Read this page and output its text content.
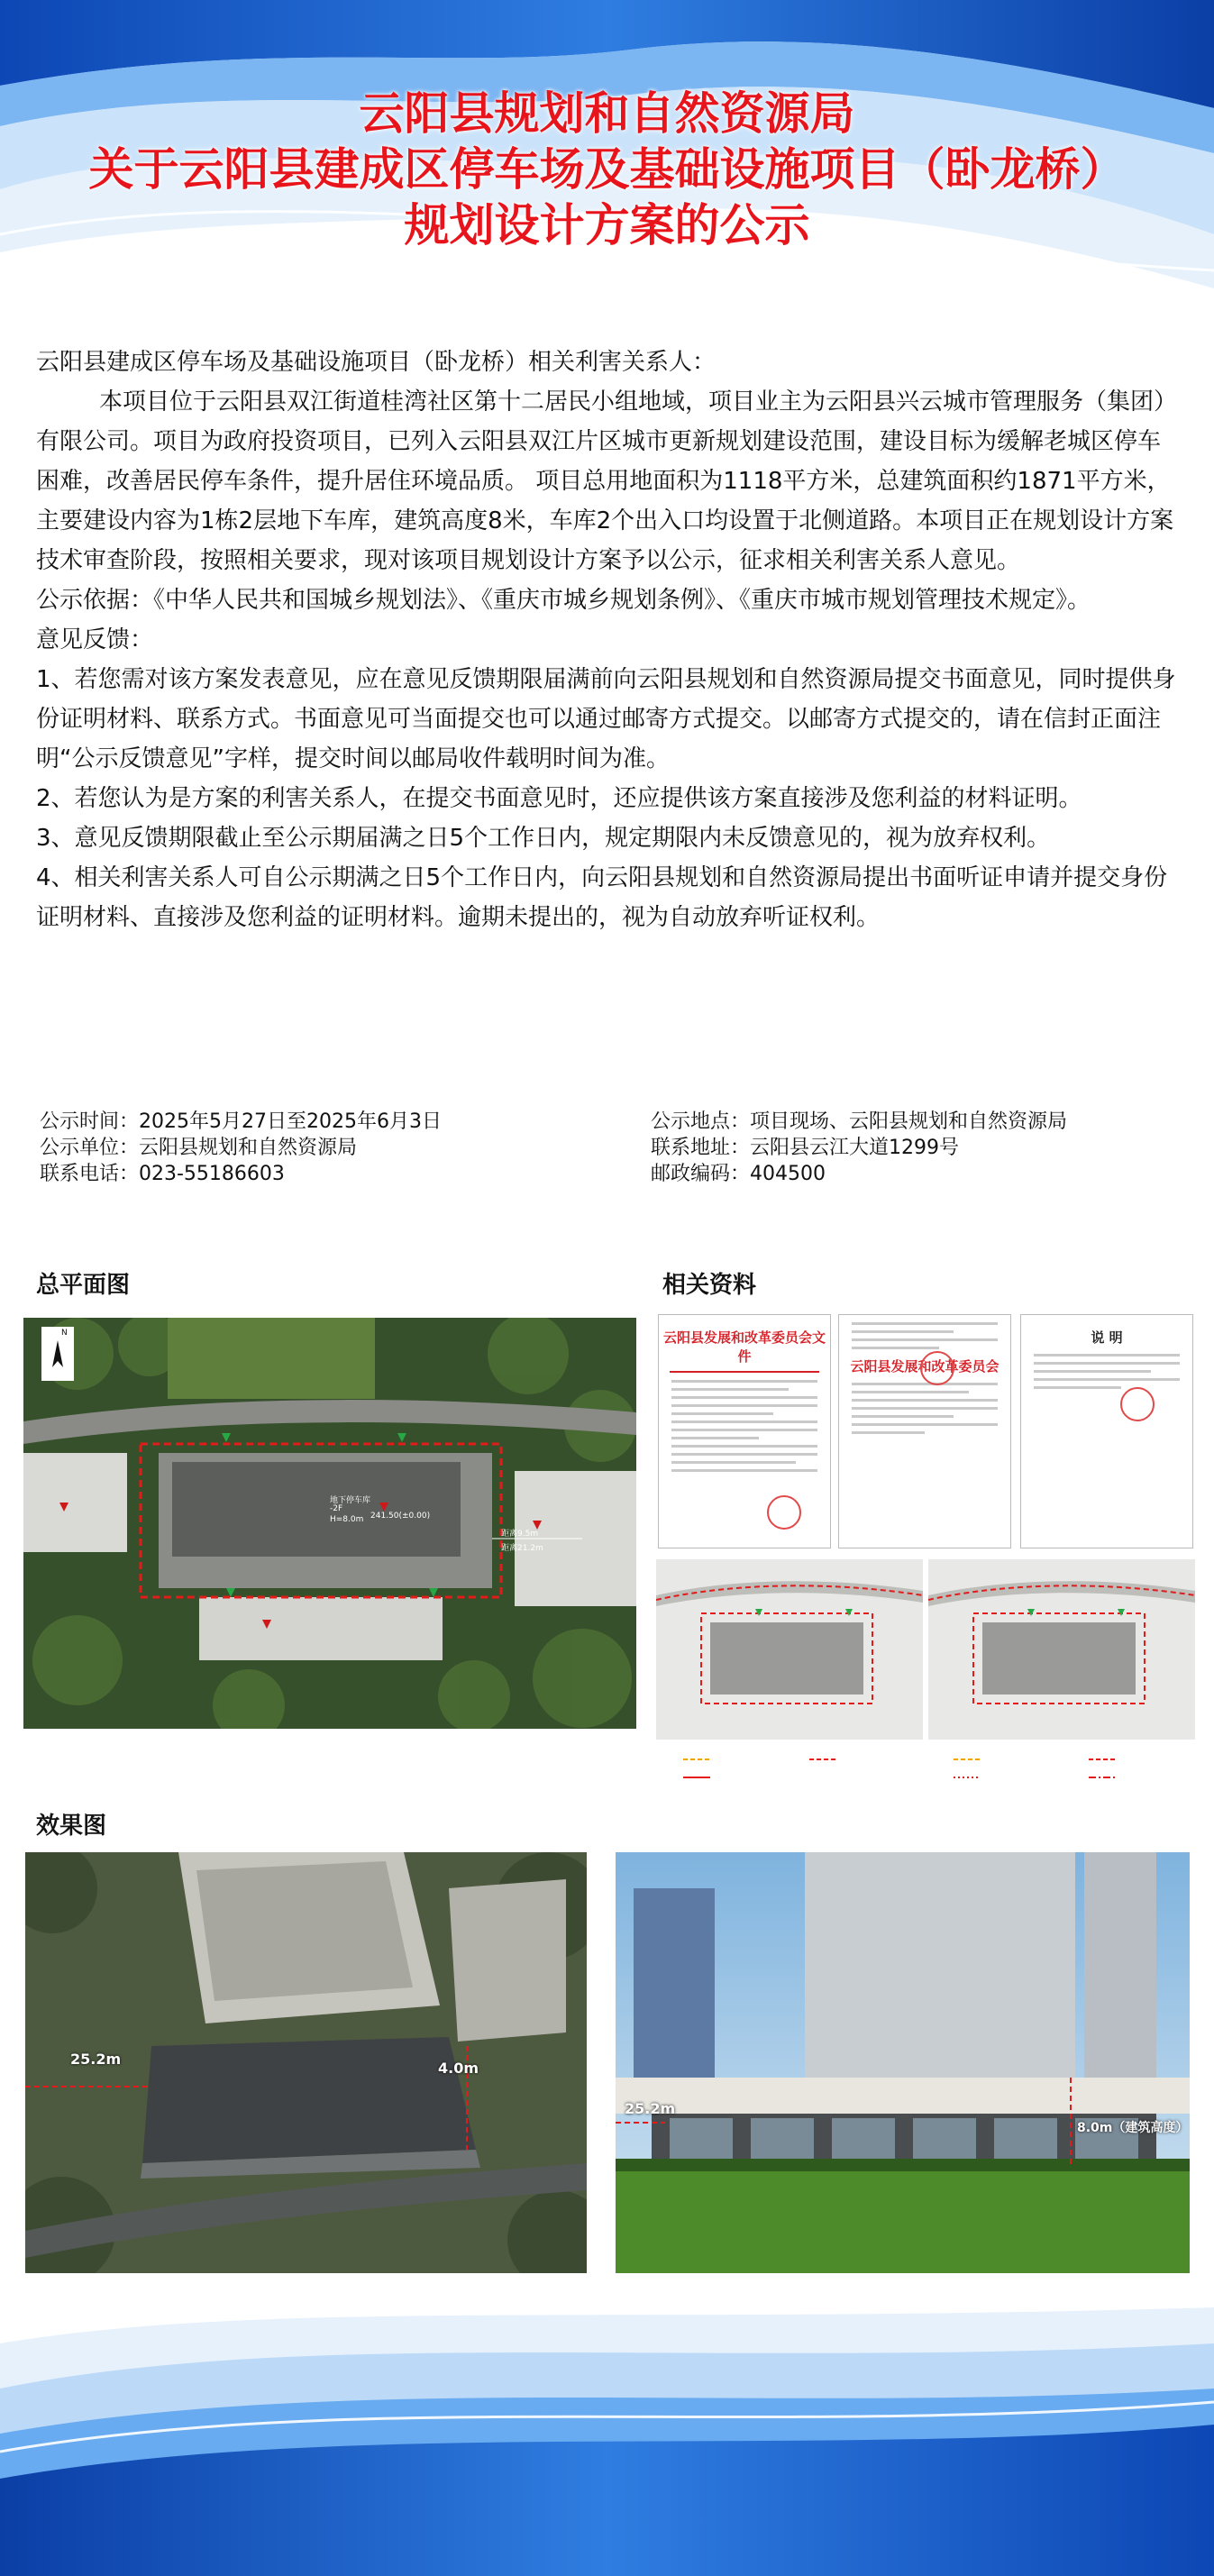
云阳县规划和自然资源局
关于云阳县建成区停车场及基础设施项目（卧龙桥）
规划设计方案的公示

云阳县建成区停车场及基础设施项目（卧龙桥）相关利害关系人：

本项目位于云阳县双江街道桂湾社区第十二居民小组地域，项目业主为云阳县兴云城市管理服务（集团）有限公司。项目为政府投资项目，已列入云阳县双江片区城市更新规划建设范围，建设目标为缓解老城区停车困难，改善居民停车条件，提升居住环境品质。 项目总用地面积为1118平方米，总建筑面积约1871平方米，主要建设内容为1栋2层地下车库，建筑高度8米，车库2个出入口均设置于北侧道路。本项目正在规划设计方案技术审查阶段，按照相关要求，现对该项目规划设计方案予以公示，征求相关利害关系人意见。

公示依据：《中华人民共和国城乡规划法》、《重庆市城乡规划条例》、《重庆市城市规划管理技术规定》。

意见反馈：

1、若您需对该方案发表意见，应在意见反馈期限届满前向云阳县规划和自然资源局提交书面意见，同时提供身份证明材料、联系方式。书面意见可当面提交也可以通过邮寄方式提交。以邮寄方式提交的，请在信封正面注明“公示反馈意见”字样，提交时间以邮局收件载明时间为准。

2、若您认为是方案的利害关系人，在提交书面意见时，还应提供该方案直接涉及您利益的材料证明。

3、意见反馈期限截止至公示期届满之日5个工作日内，规定期限内未反馈意见的，视为放弃权利。

4、相关利害关系人可自公示期满之日5个工作日内，向云阳县规划和自然资源局提出书面听证申请并提交身份证明材料、直接涉及您利益的证明材料。逾期未提出的，视为自动放弃听证权利。

公示时间：2025年5月27日至2025年6月3日
公示单位：云阳县规划和自然资源局
联系电话：023-55186603
公示地点：项目现场、云阳县规划和自然资源局
联系地址：云阳县云江大道1299号
邮政编码：404500
总平面图	相关资料
效果图
N
地下停车库
-2F
H=8.0m 241.50(±0.00)
距离9.5m
距离21.2m
云阳县发展和改革委员会文件
云阳县发展和改革委员会
说 明
25.2m
4.0m
25.2m
8.0m（建筑高度）
